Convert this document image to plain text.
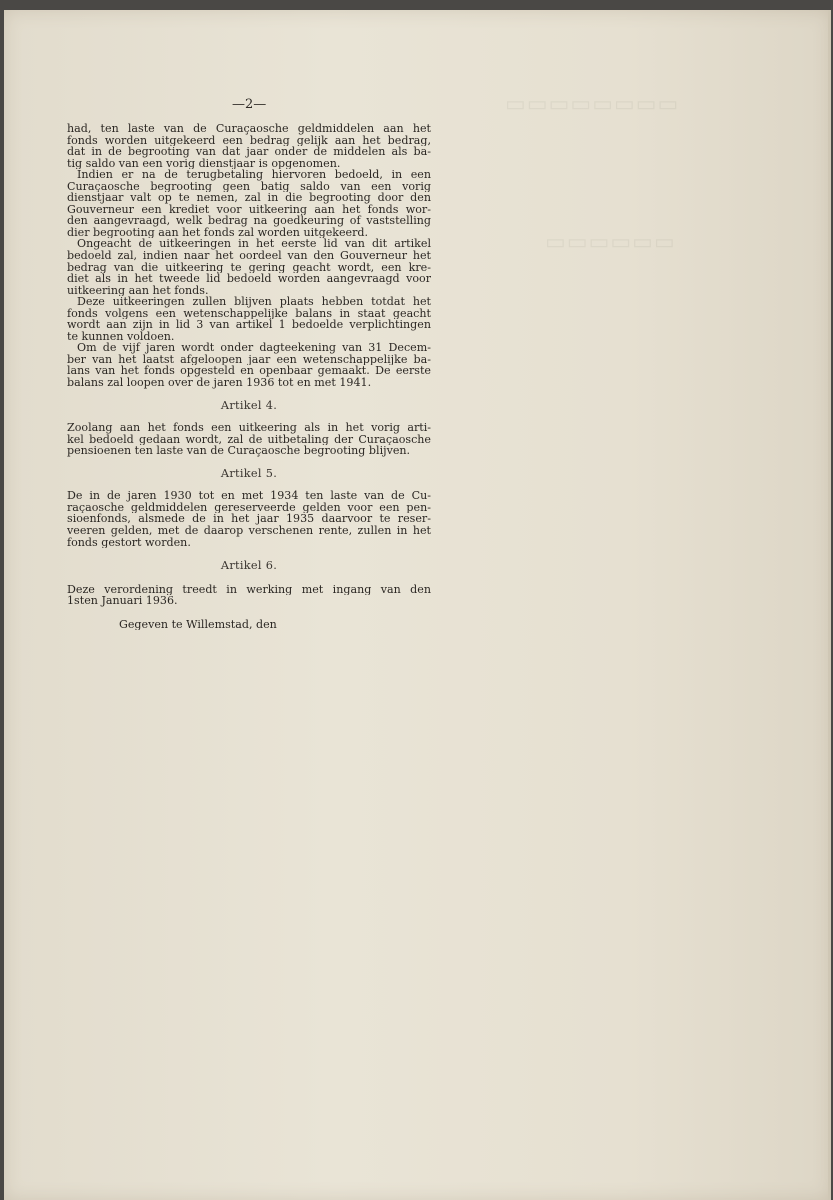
▭▭▭▭▭▭▭▭
▭▭▭▭▭▭
—2—
had, ten laste van de Curaçaosche geldmiddelen aan het
fonds worden uitgekeerd een bedrag gelijk aan het bedrag,
dat in de begrooting van dat jaar onder de middelen als ba-
tig saldo van een vorig dienstjaar is opgenomen.
Indien er na de terugbetaling hiervoren bedoeld, in een
Curaçaosche begrooting geen batig saldo van een vorig
dienstjaar valt op te nemen, zal in die begrooting door den
Gouverneur een krediet voor uitkeering aan het fonds wor-
den aangevraagd, welk bedrag na goedkeuring of vaststelling
dier begrooting aan het fonds zal worden uitgekeerd.
Ongeacht de uitkeeringen in het eerste lid van dit artikel
bedoeld zal, indien naar het oordeel van den Gouverneur het
bedrag van die uitkeering te gering geacht wordt, een kre-
diet als in het tweede lid bedoeld worden aangevraagd voor
uitkeering aan het fonds.
Deze uitkeeringen zullen blijven plaats hebben totdat het
fonds volgens een wetenschappelijke balans in staat geacht
wordt aan zijn in lid 3 van artikel 1 bedoelde verplichtingen
te kunnen voldoen.
Om de vijf jaren wordt onder dagteekening van 31 Decem-
ber van het laatst afgeloopen jaar een wetenschappelijke ba-
lans van het fonds opgesteld en openbaar gemaakt. De eerste
balans zal loopen over de jaren 1936 tot en met 1941.
Artikel 4.
Zoolang aan het fonds een uitkeering als in het vorig arti-
kel bedoeld gedaan wordt, zal de uitbetaling der Curaçaosche
pensioenen ten laste van de Curaçaosche begrooting blijven.
Artikel 5.
De in de jaren 1930 tot en met 1934 ten laste van de Cu-
raçaosche geldmiddelen gereserveerde gelden voor een pen-
sioenfonds, alsmede de in het jaar 1935 daarvoor te reser-
veeren gelden, met de daarop verschenen rente, zullen in het
fonds gestort worden.
Artikel 6.
Deze verordening treedt in werking met ingang van den
1sten Januari 1936.
Gegeven te Willemstad, den
